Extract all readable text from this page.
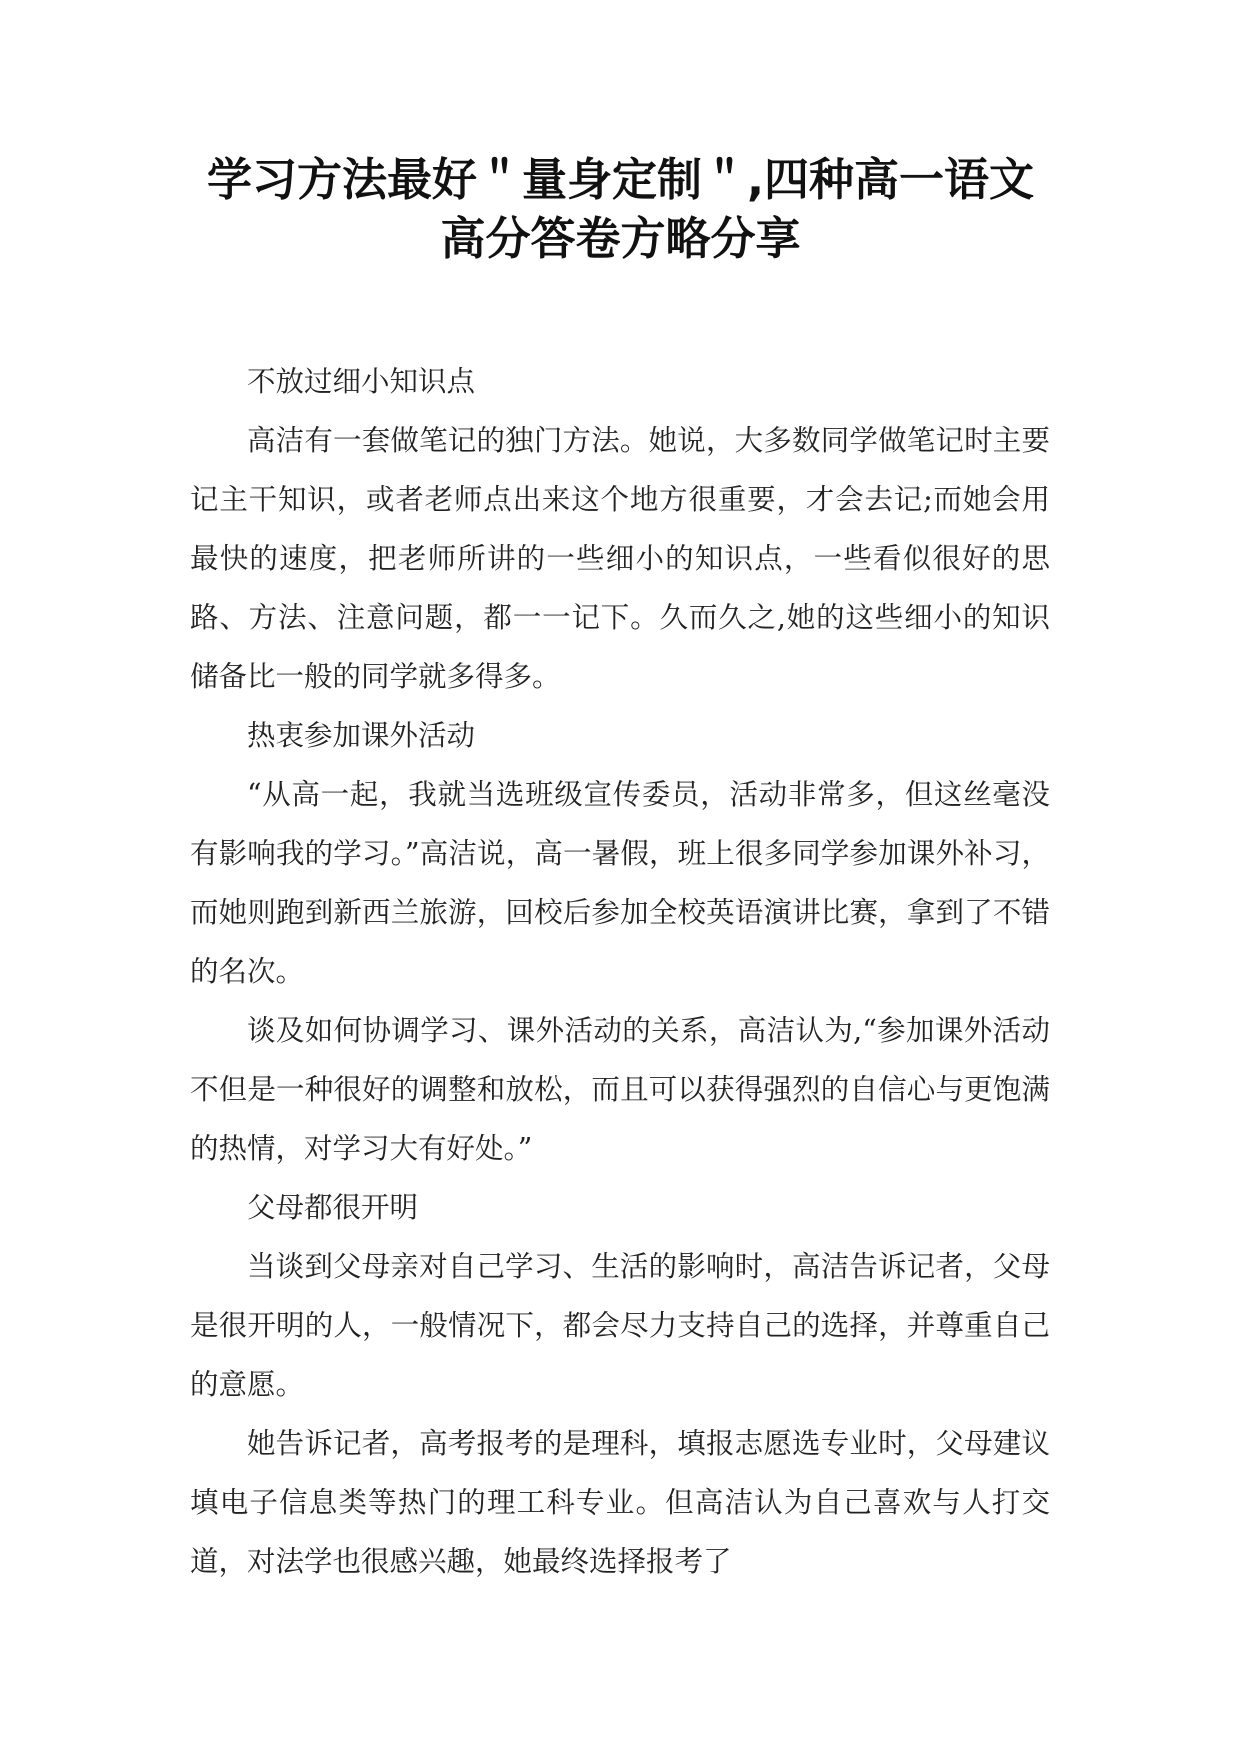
学习方法最好＂量身定制＂,四种高一语文
高分答卷方略分享

不放过细小知识点

高洁有一套做笔记的独门方法。她说，大多数同学做笔记时主要记主干知识，或者老师点出来这个地方很重要，才会去记;而她会用最快的速度，把老师所讲的一些细小的知识点，一些看似很好的思路、方法、注意问题，都一一记下。久而久之,她的这些细小的知识储备比一般的同学就多得多。

热衷参加课外活动

“从高一起，我就当选班级宣传委员，活动非常多，但这丝毫没有影响我的学习。”高洁说，高一暑假，班上很多同学参加课外补习，而她则跑到新西兰旅游，回校后参加全校英语演讲比赛，拿到了不错的名次。

谈及如何协调学习、课外活动的关系，高洁认为,“参加课外活动不但是一种很好的调整和放松，而且可以获得强烈的自信心与更饱满的热情，对学习大有好处。”

父母都很开明

当谈到父母亲对自己学习、生活的影响时，高洁告诉记者，父母是很开明的人，一般情况下，都会尽力支持自己的选择，并尊重自己的意愿。

她告诉记者，高考报考的是理科，填报志愿选专业时，父母建议填电子信息类等热门的理工科专业。但高洁认为自己喜欢与人打交道，对法学也很感兴趣，她最终选择报考了
